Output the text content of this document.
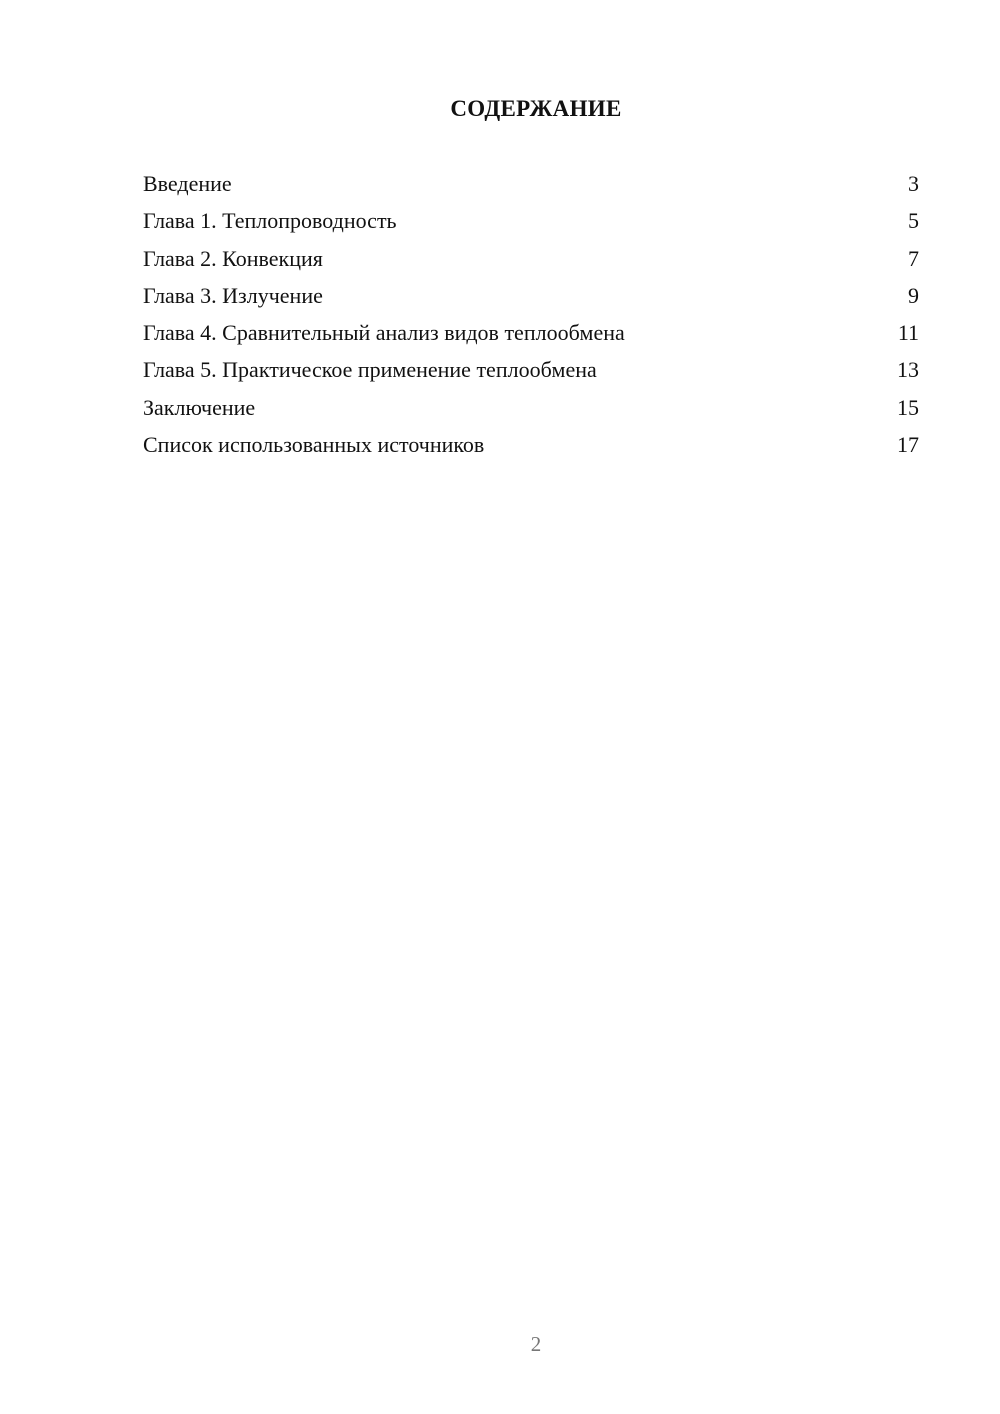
СОДЕРЖАНИЕ
Введение	3
Глава 1. Теплопроводность	5
Глава 2. Конвекция	7
Глава 3. Излучение	9
Глава 4. Сравнительный анализ видов теплообмена	11
Глава 5. Практическое применение теплообмена	13
Заключение	15
Список использованных источников	17
2
